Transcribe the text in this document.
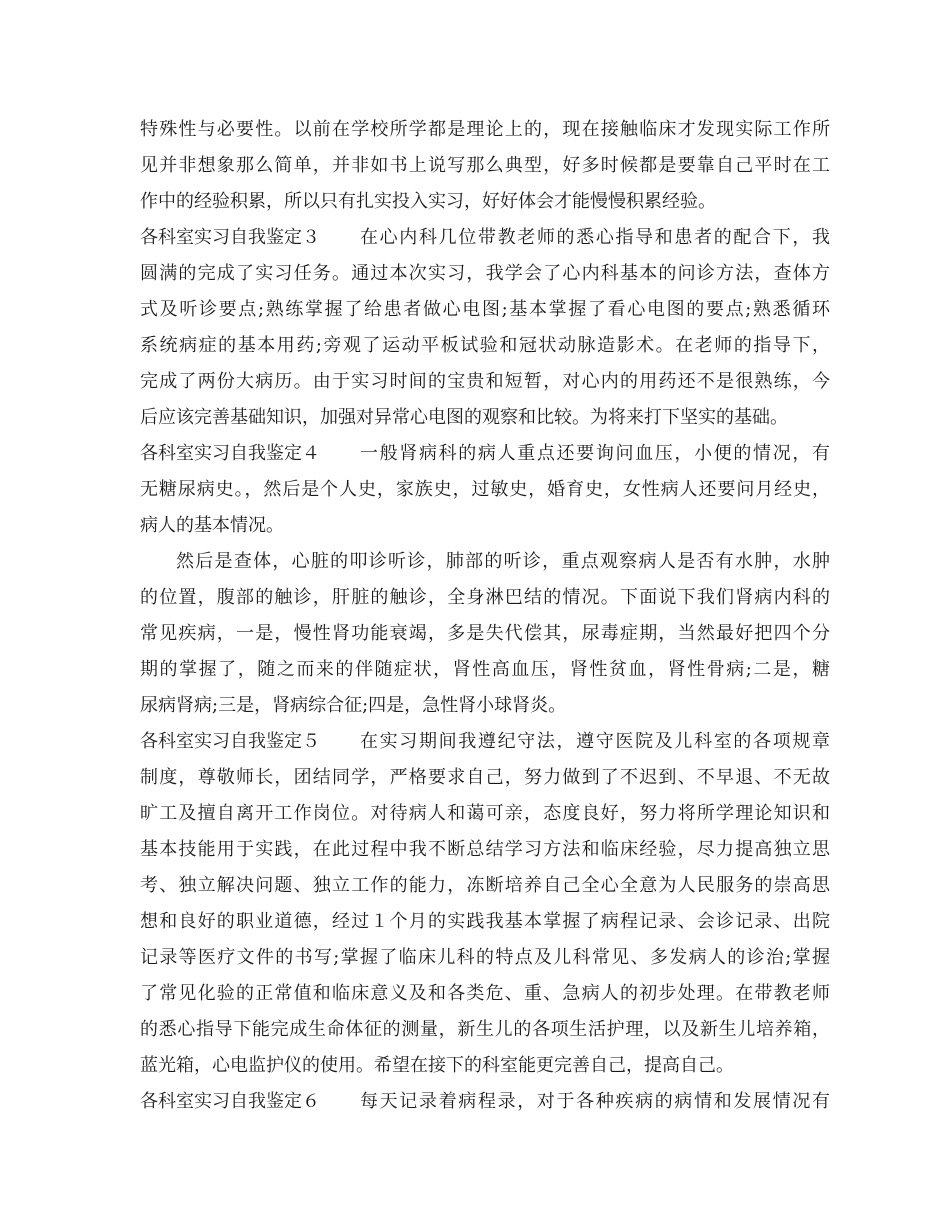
特殊性与必要性。以前在学校所学都是理论上的，现在接触临床才发现实际工作所
见并非想象那么简单，并非如书上说写那么典型，好多时候都是要靠自己平时在工
作中的经验积累，所以只有扎实投入实习，好好体会才能慢慢积累经验。
各科室实习自我鉴定３	在心内科几位带教老师的悉心指导和患者的配合下，我
圆满的完成了实习任务。通过本次实习，我学会了心内科基本的问诊方法，查体方
式及听诊要点;熟练掌握了给患者做心电图;基本掌握了看心电图的要点;熟悉循环
系统病症的基本用药;旁观了运动平板试验和冠状动脉造影术。在老师的指导下，
完成了两份大病历。由于实习时间的宝贵和短暂，对心内的用药还不是很熟练，今
后应该完善基础知识，加强对异常心电图的观察和比较。为将来打下坚实的基础。
各科室实习自我鉴定４	一般肾病科的病人重点还要询问血压，小便的情况，有
无糖尿病史。，然后是个人史，家族史，过敏史，婚育史，女性病人还要问月经史，
病人的基本情况。
然后是查体，心脏的叩诊听诊，肺部的听诊，重点观察病人是否有水肿，水肿
的位置，腹部的触诊，肝脏的触诊，全身淋巴结的情况。下面说下我们肾病内科的
常见疾病，一是，慢性肾功能衰竭，多是失代偿其，尿毒症期，当然最好把四个分
期的掌握了，随之而来的伴随症状，肾性高血压，肾性贫血，肾性骨病;二是，糖
尿病肾病;三是，肾病综合征;四是，急性肾小球肾炎。
各科室实习自我鉴定５	在实习期间我遵纪守法，遵守医院及儿科室的各项规章
制度，尊敬师长，团结同学，严格要求自己，努力做到了不迟到、不早退、不无故
旷工及擅自离开工作岗位。对待病人和蔼可亲，态度良好，努力将所学理论知识和
基本技能用于实践，在此过程中我不断总结学习方法和临床经验，尽力提高独立思
考、独立解决问题、独立工作的能力，冻断培养自己全心全意为人民服务的崇高思
想和良好的职业道德，经过１个月的实践我基本掌握了病程记录、会诊记录、出院
记录等医疗文件的书写;掌握了临床儿科的特点及儿科常见、多发病人的诊治;掌握
了常见化验的正常值和临床意义及和各类危、重、急病人的初步处理。在带教老师
的悉心指导下能完成生命体征的测量，新生儿的各项生活护理，以及新生儿培养箱，
蓝光箱，心电监护仪的使用。希望在接下的科室能更完善自己，提高自己。
各科室实习自我鉴定６	每天记录着病程录，对于各种疾病的病情和发展情况有
